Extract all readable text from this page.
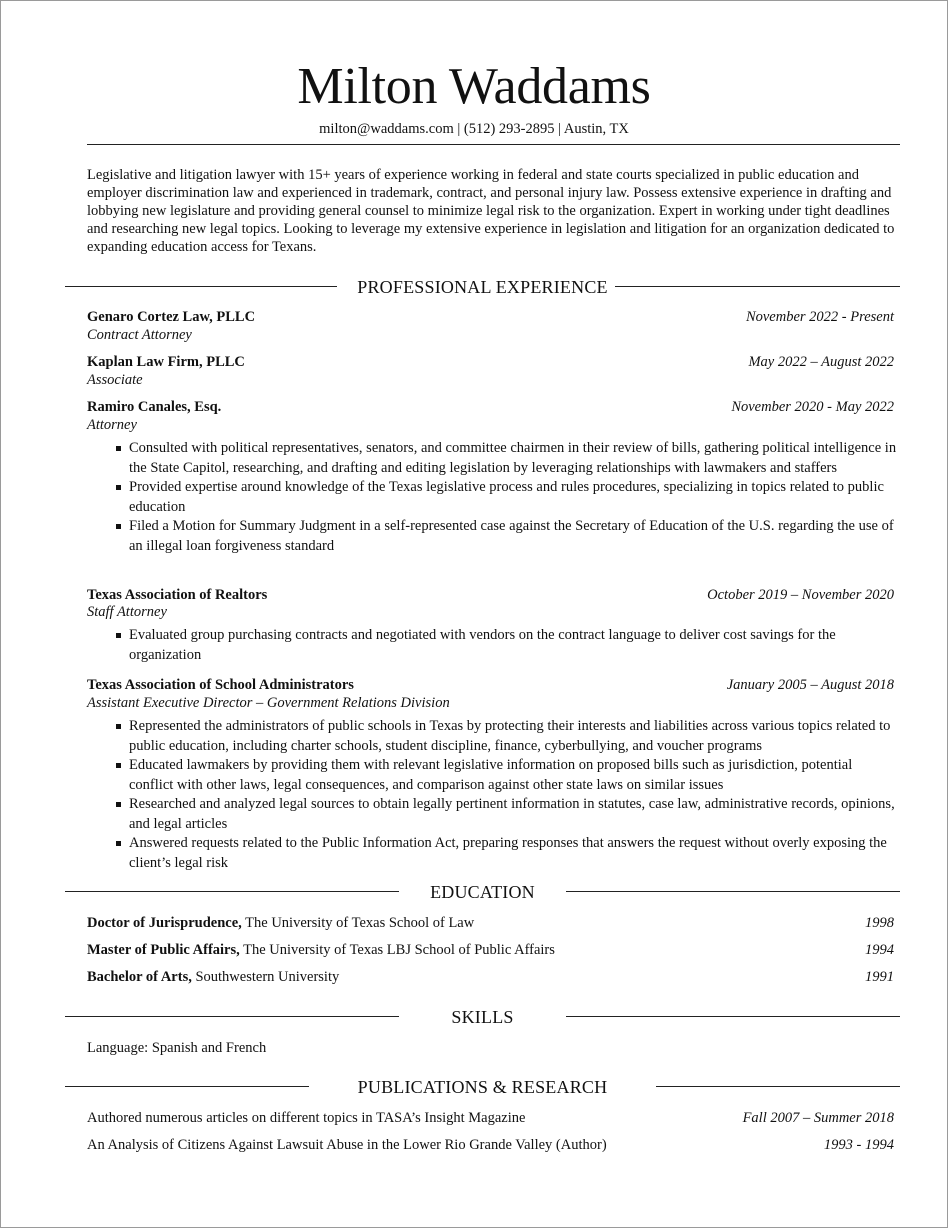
Milton Waddams
milton@waddams.com | (512) 293-2895 | Austin, TX
Legislative and litigation lawyer with 15+ years of experience working in federal and state courts specialized in public education and employer discrimination law and experienced in trademark, contract, and personal injury law. Possess extensive experience in drafting and lobbying new legislature and providing general counsel to minimize legal risk to the organization. Expert in working under tight deadlines and researching new legal topics. Looking to leverage my extensive experience in legislation and litigation for an organization dedicated to expanding education access for Texans.
PROFESSIONAL EXPERIENCE
Genaro Cortez Law, PLLC	November 2022 - Present
Contract Attorney
Kaplan Law Firm, PLLC	May 2022 – August 2022
Associate
Ramiro Canales, Esq.	November 2020 - May 2022
Attorney
Consulted with political representatives, senators, and committee chairmen in their review of bills, gathering political intelligence in the State Capitol, researching, and drafting and editing legislation by leveraging relationships with lawmakers and staffers
Provided expertise around knowledge of the Texas legislative process and rules procedures, specializing in topics related to public education
Filed a Motion for Summary Judgment in a self-represented case against the Secretary of Education of the U.S. regarding the use of an illegal loan forgiveness standard
Texas Association of Realtors	October 2019 – November 2020
Staff Attorney
Evaluated group purchasing contracts and negotiated with vendors on the contract language to deliver cost savings for the organization
Texas Association of School Administrators	January 2005 – August 2018
Assistant Executive Director – Government Relations Division
Represented the administrators of public schools in Texas by protecting their interests and liabilities across various topics related to public education, including charter schools, student discipline, finance, cyberbullying, and voucher programs
Educated lawmakers by providing them with relevant legislative information on proposed bills such as jurisdiction, potential conflict with other laws, legal consequences, and comparison against other state laws on similar issues
Researched and analyzed legal sources to obtain legally pertinent information in statutes, case law, administrative records, opinions, and legal articles
Answered requests related to the Public Information Act, preparing responses that answers the request without overly exposing the client’s legal risk
EDUCATION
Doctor of Jurisprudence, The University of Texas School of Law	1998
Master of Public Affairs, The University of Texas LBJ School of Public Affairs	1994
Bachelor of Arts, Southwestern University	1991
SKILLS
Language: Spanish and French
PUBLICATIONS & RESEARCH
Authored numerous articles on different topics in TASA’s Insight Magazine	Fall 2007 – Summer 2018
An Analysis of Citizens Against Lawsuit Abuse in the Lower Rio Grande Valley (Author)	1993 - 1994
